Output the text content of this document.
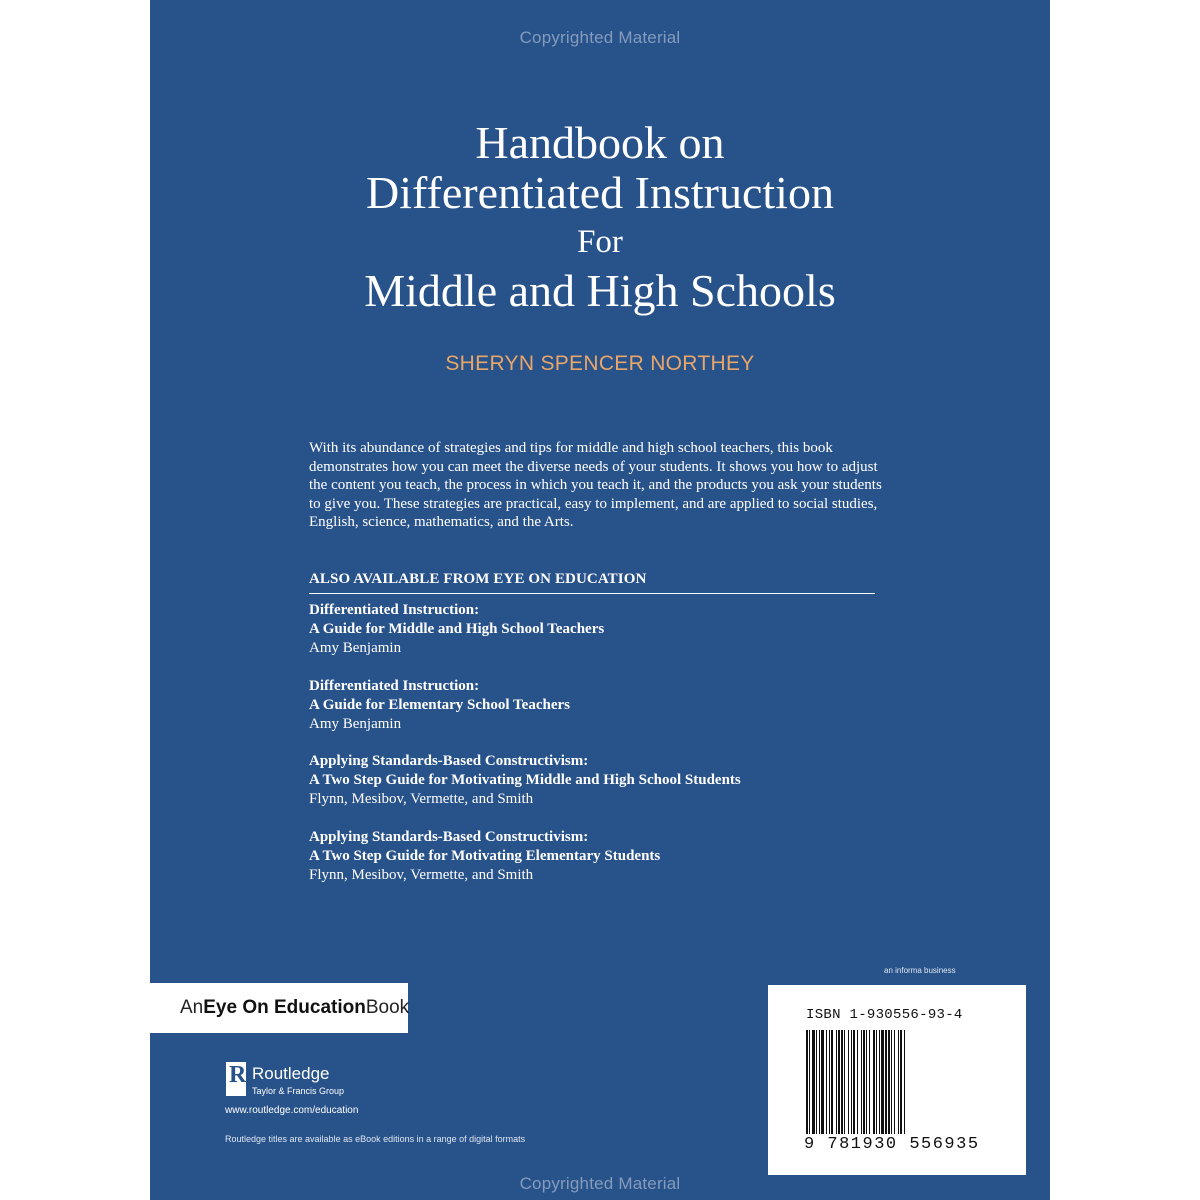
Copyrighted Material
Handbook on
Differentiated Instruction
For
Middle and High Schools
SHERYN SPENCER NORTHEY
With its abundance of strategies and tips for middle and high school teachers, this book demonstrates how you can meet the diverse needs of your students. It shows you how to adjust the content you teach, the process in which you teach it, and the products you ask your students to give you. These strategies are practical, easy to implement, and are applied to social studies, English, science, mathematics, and the Arts.
ALSO AVAILABLE FROM EYE ON EDUCATION
Differentiated Instruction:
A Guide for Middle and High School Teachers
Amy Benjamin
Differentiated Instruction:
A Guide for Elementary School Teachers
Amy Benjamin
Applying Standards-Based Constructivism:
A Two Step Guide for Motivating Middle and High School Students
Flynn, Mesibov, Vermette, and Smith
Applying Standards-Based Constructivism:
A Two Step Guide for Motivating Elementary Students
Flynn, Mesibov, Vermette, and Smith
an informa business
An Eye On Education Book
R
Routledge
Taylor & Francis Group
www.routledge.com/education
Routledge titles are available as eBook editions in a range of digital formats
ISBN 1-930556-93-4
9 781930 556935
Copyrighted Material
